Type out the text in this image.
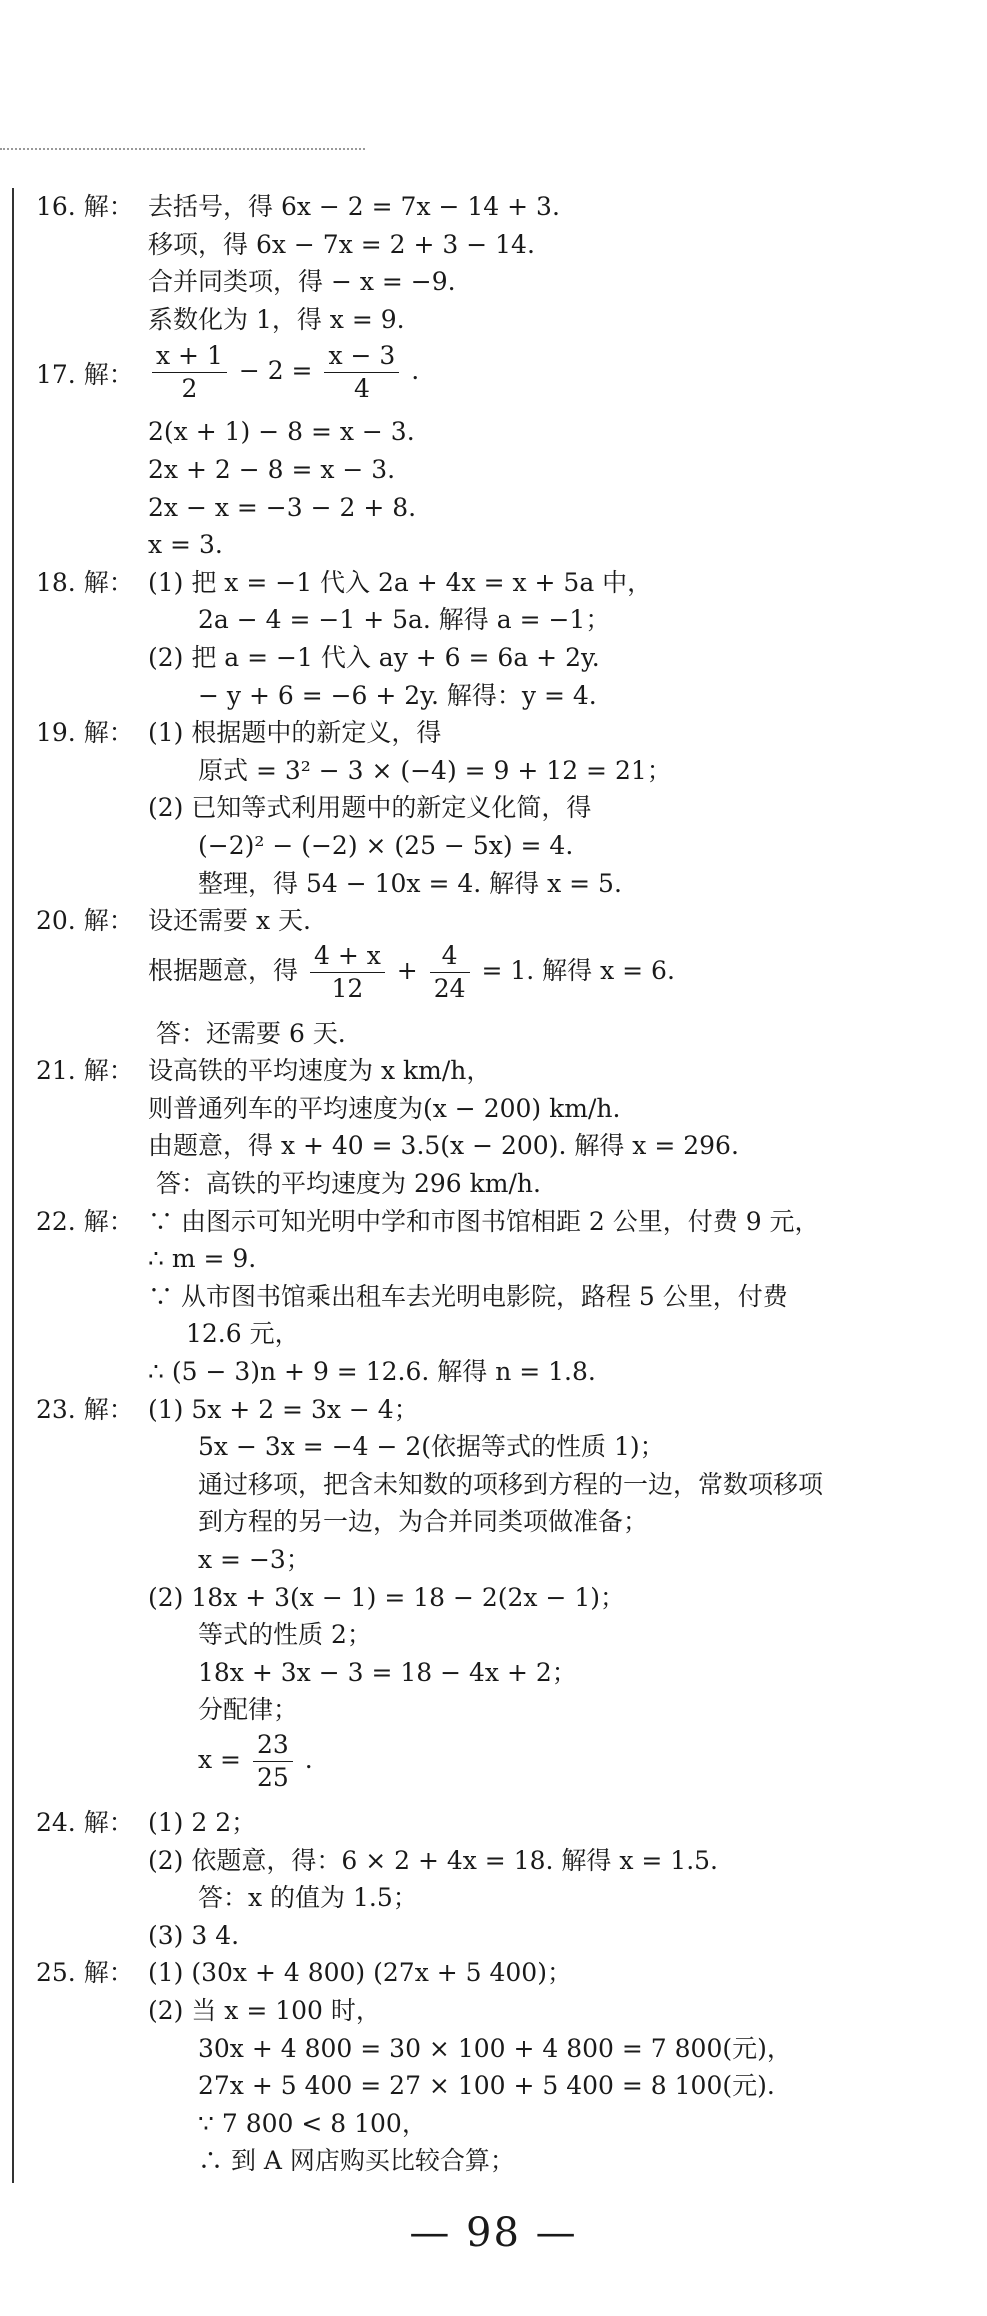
16. 解： 去括号，得 6x − 2 = 7x − 14 + 3.
移项，得 6x − 7x = 2 + 3 − 14.
合并同类项，得 − x = −9.
系数化为 1，得 x = 9.
17. 解： $\frac{x + 1}{2} - 2 = \frac{x - 3}{4}$ .
2(x + 1) − 8 = x − 3.
2x + 2 − 8 = x − 3.
2x − x = −3 − 2 + 8.
x = 3.
18. 解： (1) 把 x = −1 代入 2a + 4x = x + 5a 中，
2a − 4 = −1 + 5a. 解得 a = −1；
(2) 把 a = −1 代入 ay + 6 = 6a + 2y.
− y + 6 = −6 + 2y. 解得：y = 4.
19. 解： (1) 根据题中的新定义，得
原式 = 3² − 3 × (−4) = 9 + 12 = 21；
(2) 已知等式利用题中的新定义化简，得
(−2)² − (−2) × (25 − 5x) = 4.
整理，得 54 − 10x = 4. 解得 x = 5.
20. 解： 设还需要 x 天.
根据题意，得 $\frac{4 + x}{12} + \frac{4}{24} = 1$. 解得 x = 6.
答：还需要 6 天.
21. 解： 设高铁的平均速度为 x km/h，
则普通列车的平均速度为(x − 200) km/h.
由题意，得 x + 40 = 3.5(x − 200). 解得 x = 296.
答：高铁的平均速度为 296 km/h.
22. 解： ∵ 由图示可知光明中学和市图书馆相距 2 公里，付费 9 元，
∴ m = 9.
∵ 从市图书馆乘出租车去光明电影院，路程 5 公里，付费
12.6 元，
∴ (5 − 3)n + 9 = 12.6. 解得 n = 1.8.
23. 解： (1) 5x + 2 = 3x − 4；
5x − 3x = −4 − 2(依据等式的性质 1)；
通过移项，把含未知数的项移到方程的一边，常数项移项
到方程的另一边，为合并同类项做准备；
x = −3；
(2) 18x + 3(x − 1) = 18 − 2(2x − 1)；
等式的性质 2；
18x + 3x − 3 = 18 − 4x + 2；
分配律；
$x = \frac{23}{25}$ .
24. 解： (1) 2 2；
(2) 依题意，得：6 × 2 + 4x = 18. 解得 x = 1.5.
答：x 的值为 1.5；
(3) 3 4.
25. 解： (1) (30x + 4 800) (27x + 5 400)；
(2) 当 x = 100 时，
30x + 4 800 = 30 × 100 + 4 800 = 7 800(元)，
27x + 5 400 = 27 × 100 + 5 400 = 8 100(元).
∵ 7 800 < 8 100，
∴ 到 A 网店购买比较合算；
— 98 —
